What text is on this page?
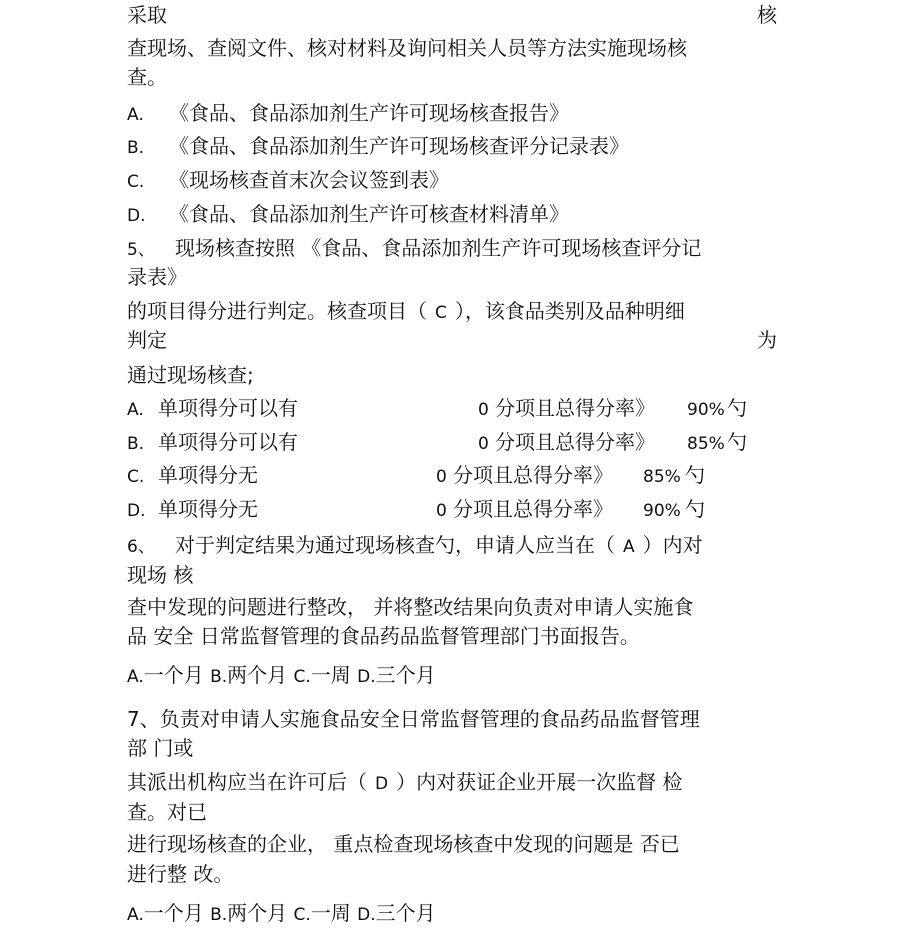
采取	核
查现场、查阅文件、核对材料及询问相关人员等方法实施现场核
查。
A. 《食品、食品添加剂生产许可现场核查报告》
B. 《食品、食品添加剂生产许可现场核查评分记录表》
C. 《现场核查首末次会议签到表》
D. 《食品、食品添加剂生产许可核查材料清单》
5、 现场核查按照 《食品、食品添加剂生产许可现场核查评分记
录表》
的项目得分进行判定。核查项目（ C ），该食品类别及品种明细
判定	为
通过现场核查;
A. 单项得分可以有	0 分项且总得分率》 90% 勺
B. 单项得分可以有	0 分项且总得分率》 85% 勺
C. 单项得分无	0 分项且总得分率》 85% 勺
D. 单项得分无	0 分项且总得分率》 90% 勺
6、 对于判定结果为通过现场核查勺，申请人应当在（ A ）内对
现场 核
查中发现的问题进行整改， 并将整改结果向负责对申请人实施食
品 安全 日常监督管理的食品药品监督管理部门书面报告。
A.一个月 B.两个月 C.一周 D.三个月
7、负责对申请人实施食品安全日常监督管理的食品药品监督管理
部 门或
其派出机构应当在许可后（ D ）内对获证企业开展一次监督 检
查。对已
进行现场核查的企业， 重点检查现场核查中发现的问题是 否已
进行整 改。
A.一个月 B.两个月 C.一周 D.三个月
